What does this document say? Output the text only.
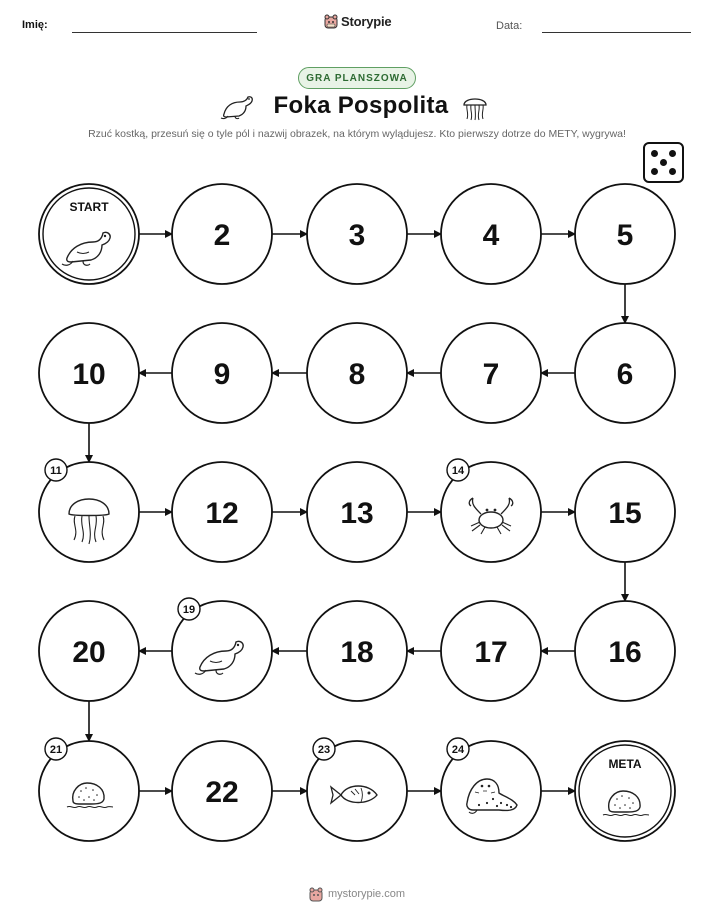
Imię:	Data:
Storypie
GRA PLANSZOWA
Foka Pospolita
Rzuć kostką, przesuń się o tyle pól i nazwij obrazek, na którym wylądujesz. Kto pierwszy dotrze do METY, wygrywa!
START
2	3	4	5
6
7
8
9
10
11
12	13
14
15
16
17
18
19
20
21
22
23	24
META
mystorypie.com
